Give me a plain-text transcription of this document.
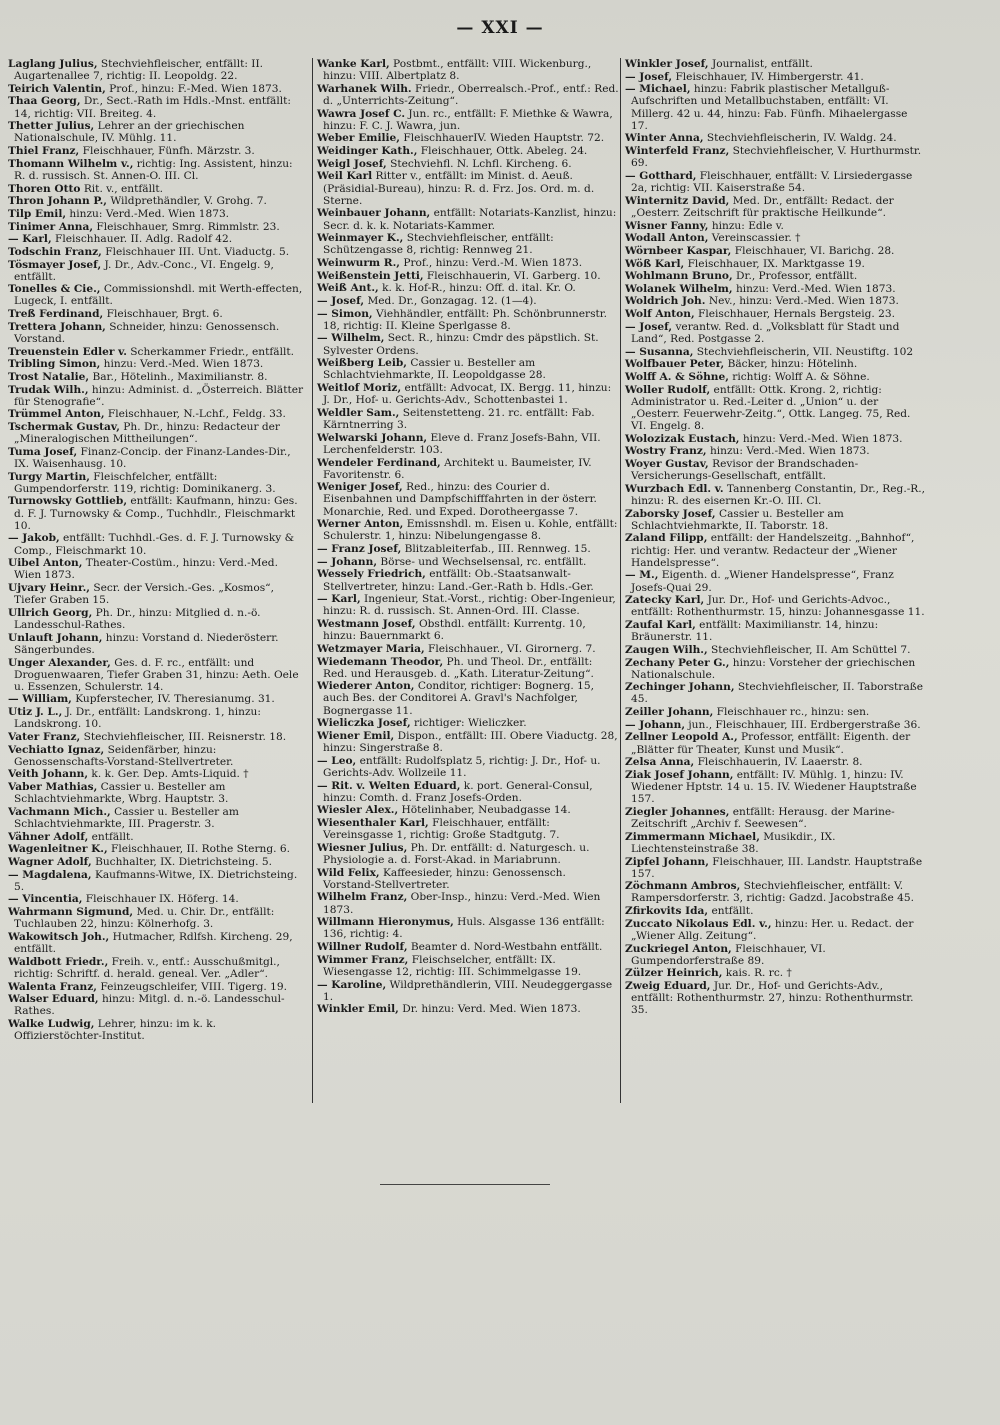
— XXI —
Laglang Julius, Stechviehfleischer, entfällt: II. Augartenallee 7, richtig: II. Leopoldg. 22.
Teirich Valentin, Prof., hinzu: F.-Med. Wien 1873.
Thaa Georg, Dr., Sect.-Rath im Hdls.-Mnst. entfällt: 14, richtig: VII. Breiteg. 4.
Thetter Julius, Lehrer an der griechischen Nationalschule, IV. Mühlg. 11.
Thiel Franz, Fleischhauer, Fünfh. Märzstr. 3.
Thomann Wilhelm v., richtig: Ing. Assistent, hinzu: R. d. russisch. St. Annen-O. III. Cl.
Thoren Otto Rit. v., entfällt.
Thron Johann P., Wildprethändler, V. Grohg. 7.
Tilp Emil, hinzu: Verd.-Med. Wien 1873.
Tinimer Anna, Fleischhauer, Smrg. Rimmlstr. 23.
— Karl, Fleischhauer. II. Adlg. Radolf 42.
Todschin Franz, Fleischhauer III. Unt. Viaductg. 5.
Tösmayer Josef, J. Dr., Adv.-Conc., VI. Engelg. 9, entfällt.
Tonelles & Cie., Commissionshdl. mit Werth-effecten, Lugeck, I. entfällt.
Treß Ferdinand, Fleischhauer, Brgt. 6.
Trettera Johann, Schneider, hinzu: Genossensch. Vorstand.
Treuenstein Edler v. Scherkammer Friedr., entfällt.
Tribling Simon, hinzu: Verd.-Med. Wien 1873.
Trost Natalie, Bar., Hötelinh., Maximilianstr. 8.
Trudak Wilh., hinzu: Administ. d. „Österreich. Blätter für Stenografie“.
Trümmel Anton, Fleischhauer, N.-Lchf., Feldg. 33.
Tschermak Gustav, Ph. Dr., hinzu: Redacteur der „Mineralogischen Mittheilungen“.
Tuma Josef, Finanz-Concip. der Finanz-Landes-Dir., IX. Waisenhausg. 10.
Turgy Martin, Fleischfelcher, entfällt: Gumpendorferstr. 119, richtig: Dominikanerg. 3.
Turnowsky Gottlieb, entfällt: Kaufmann, hinzu: Ges. d. F. J. Turnowsky & Comp., Tuchhdlr., Fleischmarkt 10.
— Jakob, entfällt: Tuchhdl.-Ges. d. F. J. Turnowsky & Comp., Fleischmarkt 10.
Uibel Anton, Theater-Costüm., hinzu: Verd.-Med. Wien 1873.
Ujvary Heinr., Secr. der Versich.-Ges. „Kosmos“, Tiefer Graben 15.
Ullrich Georg, Ph. Dr., hinzu: Mitglied d. n.-ö. Landesschul-Rathes.
Unlauft Johann, hinzu: Vorstand d. Niederösterr. Sängerbundes.
Unger Alexander, Ges. d. F. rc., entfällt: und Droguenwaaren, Tiefer Graben 31, hinzu: Aeth. Oele u. Essenzen, Schulerstr. 14.
— William, Kupferstecher, IV. Theresianumg. 31.
Utiz J. L., J. Dr., entfällt: Landskrong. 1, hinzu: Landskrong. 10.
Vater Franz, Stechviehfleischer, III. Reisnerstr. 18.
Vechiatto Ignaz, Seidenfärber, hinzu: Genossenschafts-Vorstand-Stellvertreter.
Veith Johann, k. k. Ger. Dep. Amts-Liquid. †
Vaber Mathias, Cassier u. Besteller am Schlachtviehmarkte, Wbrg. Hauptstr. 3.
Vachmann Mich., Cassier u. Besteller am Schlachtviehmarkte, III. Pragerstr. 3.
Vähner Adolf, entfällt.
Wagenleitner K., Fleischhauer, II. Rothe Sterng. 6.
Wagner Adolf, Buchhalter, IX. Dietrichsteing. 5.
— Magdalena, Kaufmanns-Witwe, IX. Dietrichsteing. 5.
— Vincentia, Fleischhauer IX. Höferg. 14.
Wahrmann Sigmund, Med. u. Chir. Dr., entfällt: Tuchlauben 22, hinzu: Kölnerhofg. 3.
Wakowitsch Joh., Hutmacher, Rdlfsh. Kircheng. 29, entfällt.
Waldbott Friedr., Freih. v., entf.: Ausschußmitgl., richtig: Schriftf. d. herald. geneal. Ver. „Adler“.
Walenta Franz, Feinzeugschleifer, VIII. Tigerg. 19.
Walser Eduard, hinzu: Mitgl. d. n.-ö. Landesschul-Rathes.
Walke Ludwig, Lehrer, hinzu: im k. k. Offizierstöchter-Institut.
Wanke Karl, Postbmt., entfällt: VIII. Wickenburg., hinzu: VIII. Albertplatz 8.
Warhanek Wilh. Friedr., Oberrealsch.-Prof., entf.: Red. d. „Unterrichts-Zeitung“.
Wawra Josef C. Jun. rc., entfällt: F. Miethke & Wawra, hinzu: F. C. J. Wawra, jun.
Weber Emilie, FleischhauerIV. Wieden Hauptstr. 72.
Weidinger Kath., Fleischhauer, Ottk. Abeleg. 24.
Weigl Josef, Stechviehfl. N. Lchfl. Kircheng. 6.
Weil Karl Ritter v., entfällt: im Minist. d. Aeuß. (Präsidial-Bureau), hinzu: R. d. Frz. Jos. Ord. m. d. Sterne.
Weinbauer Johann, entfällt: Notariats-Kanzlist, hinzu: Secr. d. k. k. Notariats-Kammer.
Weinmayer K., Stechviehfleischer, entfällt: Schützengasse 8, richtig: Rennweg 21.
Weinwurm R., Prof., hinzu: Verd.-M. Wien 1873.
Weißenstein Jetti, Fleischhauerin, VI. Garberg. 10.
Weiß Ant., k. k. Hof-R., hinzu: Off. d. ital. Kr. O.
— Josef, Med. Dr., Gonzagag. 12. (1—4).
— Simon, Viehhändler, entfällt: Ph. Schönbrunnerstr. 18, richtig: II. Kleine Sperlgasse 8.
— Wilhelm, Sect. R., hinzu: Cmdr des päpstlich. St. Sylvester Ordens.
Weißberg Leib, Cassier u. Besteller am Schlachtviehmarkte, II. Leopoldgasse 28.
Weitlof Moriz, entfällt: Advocat, IX. Bergg. 11, hinzu: J. Dr., Hof- u. Gerichts-Adv., Schottenbastei 1.
Weldler Sam., Seitenstetteng. 21. rc. entfällt: Fab. Kärntnerring 3.
Welwarski Johann, Eleve d. Franz Josefs-Bahn, VII. Lerchenfelderstr. 103.
Wendeler Ferdinand, Architekt u. Baumeister, IV. Favoritenstr. 6.
Weniger Josef, Red., hinzu: des Courier d. Eisenbahnen und Dampfschifffahrten in der österr. Monarchie, Red. und Exped. Dorotheergasse 7.
Werner Anton, Emissnshdl. m. Eisen u. Kohle, entfällt: Schulerstr. 1, hinzu: Nibelungengasse 8.
— Franz Josef, Blitzableiterfab., III. Rennweg. 15.
— Johann, Börse- und Wechselsensal, rc. entfällt.
Wessely Friedrich, entfällt: Ob.-Staatsanwalt-Stellvertreter, hinzu: Land.-Ger.-Rath b. Hdls.-Ger.
— Karl, Ingenieur, Stat.-Vorst., richtig: Ober-Ingenieur, hinzu: R. d. russisch. St. Annen-Ord. III. Classe.
Westmann Josef, Obsthdl. entfällt: Kurrentg. 10, hinzu: Bauernmarkt 6.
Wetzmayer Maria, Fleischhauer., VI. Girornerg. 7.
Wiedemann Theodor, Ph. und Theol. Dr., entfällt: Red. und Herausgeb. d. „Kath. Literatur-Zeitung“.
Wiederer Anton, Conditor, richtiger: Bognerg. 15, auch Bes. der Conditorei A. Gravl's Nachfolger, Bognergasse 11.
Wieliczka Josef, richtiger: Wieliczker.
Wiener Emil, Dispon., entfällt: III. Obere Viaductg. 28, hinzu: Singerstraße 8.
— Leo, entfällt: Rudolfsplatz 5, richtig: J. Dr., Hof- u. Gerichts-Adv. Wollzeile 11.
— Rit. v. Welten Eduard, k. port. General-Consul, hinzu: Comth. d. Franz Josefs-Orden.
Wiesler Alex., Hötelinhaber, Neubadgasse 14.
Wiesenthaler Karl, Fleischhauer, entfällt: Vereinsgasse 1, richtig: Große Stadtgutg. 7.
Wiesner Julius, Ph. Dr. entfällt: d. Naturgesch. u. Physiologie a. d. Forst-Akad. in Mariabrunn.
Wild Felix, Kaffeesieder, hinzu: Genossensch. Vorstand-Stellvertreter.
Wilhelm Franz, Ober-Insp., hinzu: Verd.-Med. Wien 1873.
Willmann Hieronymus, Huls. Alsgasse 136 entfällt: 136, richtig: 4.
Willner Rudolf, Beamter d. Nord-Westbahn entfällt.
Wimmer Franz, Fleischselcher, entfällt: IX. Wiesengasse 12, richtig: III. Schimmelgasse 19.
— Karoline, Wildprethändlerin, VIII. Neudeggergasse 1.
Winkler Emil, Dr. hinzu: Verd. Med. Wien 1873.
Winkler Josef, Journalist, entfällt.
— Josef, Fleischhauer, IV. Himbergerstr. 41.
— Michael, hinzu: Fabrik plastischer Metallguß-Aufschriften und Metallbuchstaben, entfällt: VI. Millerg. 42 u. 44, hinzu: Fab. Fünfh. Mihaelergasse 17.
Winter Anna, Stechviehfleischerin, IV. Waldg. 24.
Winterfeld Franz, Stechviehfleischer, V. Hurthurmstr. 69.
— Gotthard, Fleischhauer, entfällt: V. Lirsiedergasse 2a, richtig: VII. Kaiserstraße 54.
Winternitz David, Med. Dr., entfällt: Redact. der „Oesterr. Zeitschrift für praktische Heilkunde“.
Wisner Fanny, hinzu: Edle v.
Wodall Anton, Vereinscassier. †
Wörnbeer Kaspar, Fleischhauer, VI. Barichg. 28.
Wöß Karl, Fleischhauer, IX. Marktgasse 19.
Wohlmann Bruno, Dr., Professor, entfällt.
Wolanek Wilhelm, hinzu: Verd.-Med. Wien 1873.
Woldrich Joh. Nev., hinzu: Verd.-Med. Wien 1873.
Wolf Anton, Fleischhauer, Hernals Bergsteig. 23.
— Josef, verantw. Red. d. „Volksblatt für Stadt und Land“, Red. Postgasse 2.
— Susanna, Stechviehfleischerin, VII. Neustiftg. 102
Wolfbauer Peter, Bäcker, hinzu: Hötelinh.
Wolff A. & Söhne, richtig: Wolff A. & Söhne.
Woller Rudolf, entfällt: Ottk. Krong. 2, richtig: Administrator u. Red.-Leiter d. „Union“ u. der „Oesterr. Feuerwehr-Zeitg.“, Ottk. Langeg. 75, Red. VI. Engelg. 8.
Wolozizak Eustach, hinzu: Verd.-Med. Wien 1873.
Wostry Franz, hinzu: Verd.-Med. Wien 1873.
Woyer Gustav, Revisor der Brandschaden-Versicherungs-Gesellschaft, entfällt.
Wurzbach Edl. v. Tannenberg Constantin, Dr., Reg.-R., hinzu: R. des eisernen Kr.-O. III. Cl.
Zaborsky Josef, Cassier u. Besteller am Schlachtviehmarkte, II. Taborstr. 18.
Zaland Filipp, entfällt: der Handelszeitg. „Bahnhof“, richtig: Her. und verantw. Redacteur der „Wiener Handelspresse“.
— M., Eigenth. d. „Wiener Handelspresse“, Franz Josefs-Quai 29.
Zatecky Karl, Jur. Dr., Hof- und Gerichts-Advoc., entfällt: Rothenthurmstr. 15, hinzu: Johannesgasse 11.
Zaufal Karl, entfällt: Maximilianstr. 14, hinzu: Bräunerstr. 11.
Zaugen Wilh., Stechviehfleischer, II. Am Schüttel 7.
Zechany Peter G., hinzu: Vorsteher der griechischen Nationalschule.
Zechinger Johann, Stechviehfleischer, II. Taborstraße 45.
Zeiller Johann, Fleischhauer rc., hinzu: sen.
— Johann, jun., Fleischhauer, III. Erdbergerstraße 36.
Zellner Leopold A., Professor, entfällt: Eigenth. der „Blätter für Theater, Kunst und Musik“.
Zelsa Anna, Fleischhauerin, IV. Laaerstr. 8.
Ziak Josef Johann, entfällt: IV. Mühlg. 1, hinzu: IV. Wiedener Hptstr. 14 u. 15. IV. Wiedener Hauptstraße 157.
Ziegler Johannes, entfällt: Herausg. der Marine-Zeitschrift „Archiv f. Seewesen“.
Zimmermann Michael, Musikdir., IX. Liechtensteinstraße 38.
Zipfel Johann, Fleischhauer, III. Landstr. Hauptstraße 157.
Zöchmann Ambros, Stechviehfleischer, entfällt: V. Rampersdorferstr. 3, richtig: Gadzd. Jacobstraße 45.
Zfirkovits Ida, entfällt.
Zuccato Nikolaus Edl. v., hinzu: Her. u. Redact. der „Wiener Allg. Zeitung“.
Zuckriegel Anton, Fleischhauer, VI. Gumpendorferstraße 89.
Zülzer Heinrich, kais. R. rc. †
Zweig Eduard, Jur. Dr., Hof- und Gerichts-Adv., entfällt: Rothenthurmstr. 27, hinzu: Rothenthurmstr. 35.
